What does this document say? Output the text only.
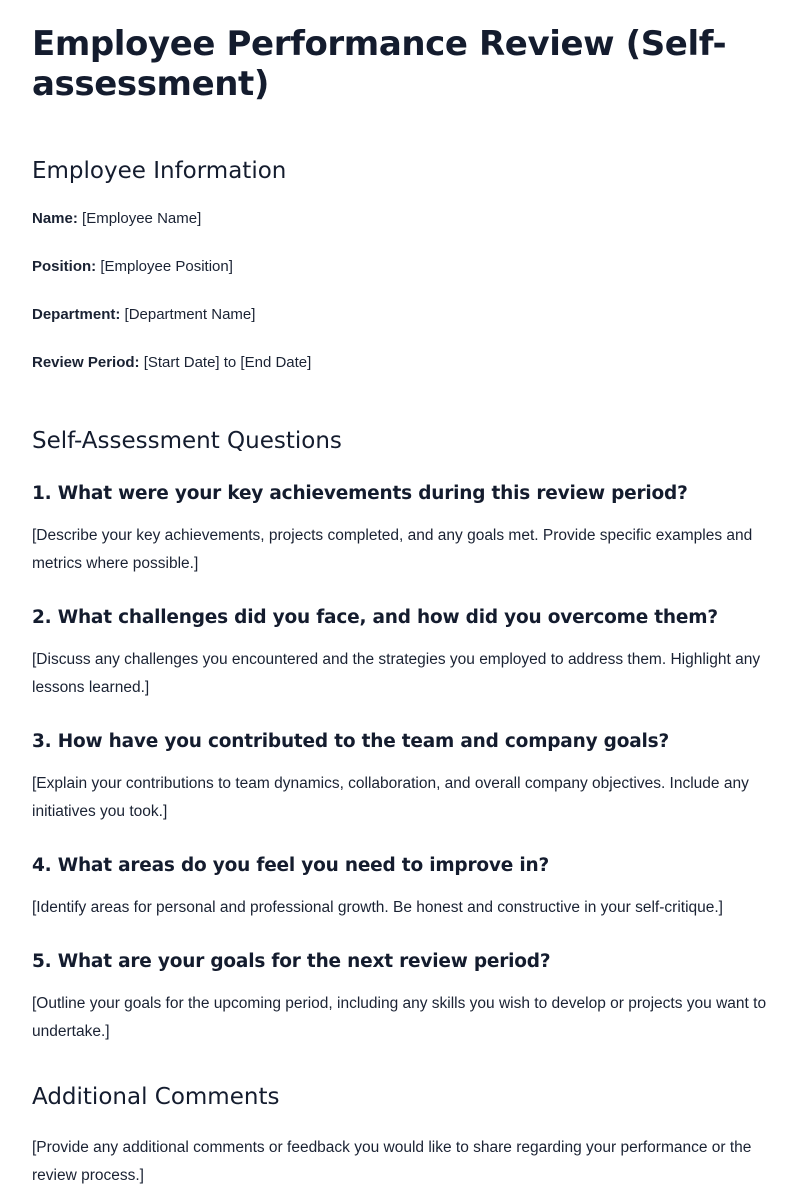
Employee Performance Review (Self-assessment)
Employee Information

Name: [Employee Name]

Position: [Employee Position]

Department: [Department Name]

Review Period: [Start Date] to [End Date]

Self-Assessment Questions
1. What were your key achievements during this review period?

[Describe your key achievements, projects completed, and any goals met. Provide specific examples and metrics where possible.]

2. What challenges did you face, and how did you overcome them?

[Discuss any challenges you encountered and the strategies you employed to address them. Highlight any lessons learned.]

3. How have you contributed to the team and company goals?

[Explain your contributions to team dynamics, collaboration, and overall company objectives. Include any initiatives you took.]

4. What areas do you feel you need to improve in?

[Identify areas for personal and professional growth. Be honest and constructive in your self-critique.]

5. What are your goals for the next review period?

[Outline your goals for the upcoming period, including any skills you wish to develop or projects you want to undertake.]

Additional Comments

[Provide any additional comments or feedback you would like to share regarding your performance or the review process.]
